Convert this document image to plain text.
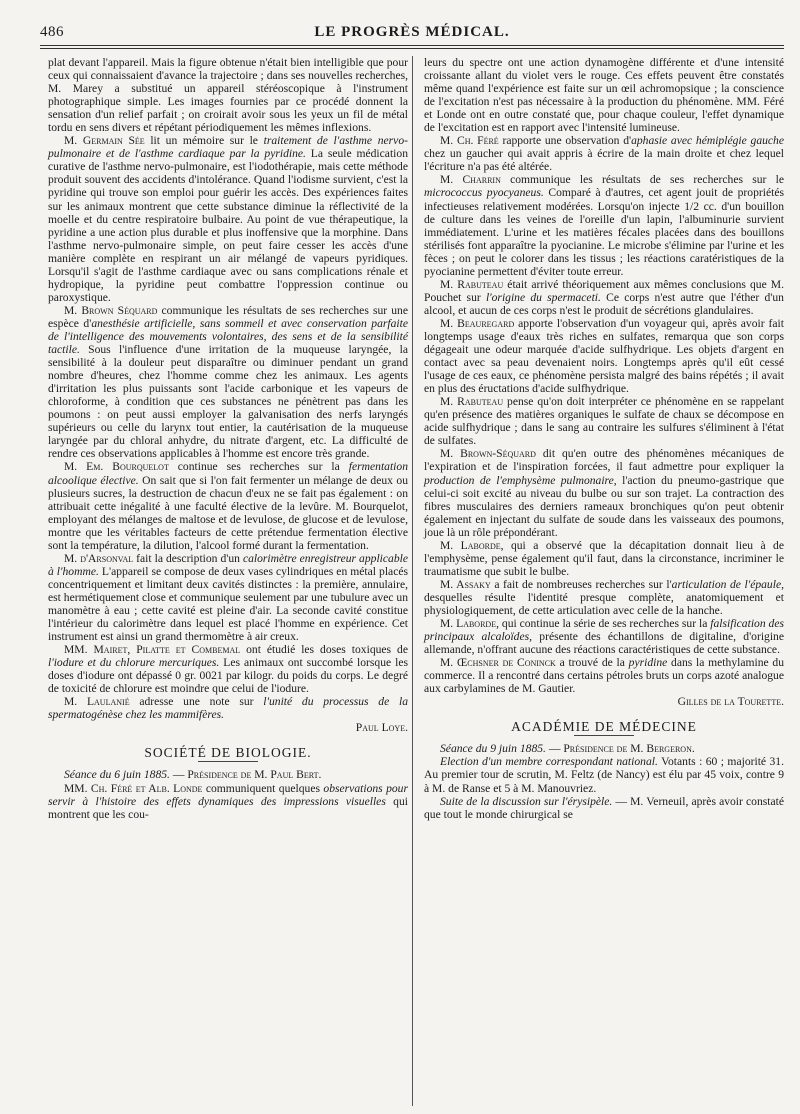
486	LE PROGRÈS MÉDICAL.

plat devant l'appareil. Mais la figure obtenue n'était bien intelligible que pour ceux qui connaissaient d'avance la trajectoire ; dans ses nouvelles recherches, M. Marey a substitué un appareil stéréoscopique à l'instrument photographique simple. Les images fournies par ce procédé donnent la sensation d'un relief parfait ; on croirait avoir sous les yeux un fil de métal tordu en sens divers et répétant périodiquement les mêmes inflexions.

M. Germain Sée lit un mémoire sur le traitement de l'asthme nervo-pulmonaire et de l'asthme cardiaque par la pyridine. La seule médication curative de l'asthme nervo-pulmonaire, est l'iodothérapie, mais cette méthode produit souvent des accidents d'intolérance. Quand l'iodisme survient, c'est la pyridine qui trouve son emploi pour guérir les accès. Des expériences faites sur les animaux montrent que cette substance diminue la réflectivité de la moelle et du centre respiratoire bulbaire. Au point de vue thérapeutique, la pyridine a une action plus durable et plus inoffensive que la morphine. Dans l'asthme nervo-pulmonaire simple, on peut faire cesser les accès d'une manière complète en respirant un air mélangé de vapeurs pyridiques. Lorsqu'il s'agit de l'asthme cardiaque avec ou sans complications rénale et hydropique, la pyridine peut combattre l'oppression continue ou paroxystique.

M. Brown Séquard communique les résultats de ses recherches sur une espèce d'anesthésie artificielle, sans sommeil et avec conservation parfaite de l'intelligence des mouvements volontaires, des sens et de la sensibilité tactile. Sous l'influence d'une irritation de la muqueuse laryngée, la sensibilité à la douleur peut disparaître ou diminuer pendant un grand nombre d'heures, chez l'homme comme chez les animaux. Les agents d'irritation les plus puissants sont l'acide carbonique et les vapeurs de chloroforme, à condition que ces substances ne pénètrent pas dans les poumons : on peut aussi employer la galvanisation des nerfs laryngés supérieurs ou celle du larynx tout entier, la cautérisation de la muqueuse laryngée par du chloral anhydre, du nitrate d'argent, etc. La difficulté de rendre ces observations applicables à l'homme est encore très grande.

M. Em. Bourquelot continue ses recherches sur la fermentation alcoolique élective. On sait que si l'on fait fermenter un mélange de deux ou plusieurs sucres, la destruction de chacun d'eux ne se fait pas également : on attribuait cette inégalité à une faculté élective de la levûre. M. Bourquelot, employant des mélanges de maltose et de levulose, de glucose et de levulose, montre que les véritables facteurs de cette prétendue fermentation élective sont la température, la dilution, l'alcool formé durant la fermentation.

M. d'Arsonval fait la description d'un calorimètre enregistreur applicable à l'homme. L'appareil se compose de deux vases cylindriques en métal placés concentriquement et limitant deux cavités distinctes : la première, annulaire, est hermétiquement close et communique seulement par une tubulure avec un manomètre à eau ; cette cavité est pleine d'air. La seconde cavité constitue l'intérieur du calorimètre dans lequel est placé l'homme en expérience. Cet instrument est ainsi un grand thermomètre à air creux.

MM. Mairet, Pilatte et Combemal ont étudié les doses toxiques de l'iodure et du chlorure mercuriques. Les animaux ont succombé lorsque les doses d'iodure ont dépassé 0 gr. 0021 par kilogr. du poids du corps. Le degré de toxicité de chlorure est moindre que celui de l'iodure.

M. Laulanié adresse une note sur l'unité du processus de la spermatogénèse chez les mammifères.
Paul Loye.

SOCIÉTÉ DE BIOLOGIE.

Séance du 6 juin 1885. — Présidence de M. Paul Bert.

MM. Ch. Féré et Alb. Londe communiquent quelques observations pour servir à l'histoire des effets dynamiques des impressions visuelles qui montrent que les cou-

leurs du spectre ont une action dynamogène différente et d'une intensité croissante allant du violet vers le rouge. Ces effets peuvent être constatés même quand l'expérience est faite sur un œil achromopsique ; la conscience de l'excitation n'est pas nécessaire à la production du phénomène. MM. Féré et Londe ont en outre constaté que, pour chaque couleur, l'effet dynamique de l'excitation est en rapport avec l'intensité lumineuse.

M. Ch. Féré rapporte une observation d'aphasie avec hémiplégie gauche chez un gaucher qui avait appris à écrire de la main droite et chez lequel l'écriture n'a pas été altérée.

M. Charrin communique les résultats de ses recherches sur le micrococcus pyocyaneus. Comparé à d'autres, cet agent jouit de propriétés infectieuses relativement modérées. Lorsqu'on injecte 1/2 cc. d'un bouillon de culture dans les veines de l'oreille d'un lapin, l'albuminurie survient immédiatement. L'urine et les matières fécales placées dans des bouillons stérilisés font apparaître la pyocianine. Le microbe s'élimine par l'urine et les fèces ; on peut le colorer dans les tissus ; les réactions caratéristiques de la pyocianine permettent d'éviter toute erreur.

M. Rabuteau était arrivé théoriquement aux mêmes conclusions que M. Pouchet sur l'origine du spermaceti. Ce corps n'est autre que l'éther d'un alcool, et aucun de ces corps n'est le produit de sécrétions glandulaires.

M. Beauregard apporte l'observation d'un voyageur qui, après avoir fait longtemps usage d'eaux très riches en sulfates, remarqua que son corps dégageait une odeur marquée d'acide sulfhydrique. Les objets d'argent en contact avec sa peau devenaient noirs. Longtemps après qu'il eût cessé l'usage de ces eaux, ce phénomène persista malgré des bains répétés ; il avait en plus des éructations d'acide sulfhydrique.

M. Rabuteau pense qu'on doit interpréter ce phénomène en se rappelant qu'en présence des matières organiques le sulfate de chaux se décompose en acide sulfhydrique ; dans le sang au contraire les sulfures s'éliminent à l'état de sulfates.

M. Brown-Séquard dit qu'en outre des phénomènes mécaniques de l'expiration et de l'inspiration forcées, il faut admettre pour expliquer la production de l'emphysème pulmonaire, l'action du pneumo-gastrique que celui-ci soit excité au niveau du bulbe ou sur son trajet. La contraction des fibres musculaires des derniers rameaux bronchiques qu'on peut obtenir également en injectant du sulfate de soude dans les vaisseaux des poumons, joue là un rôle prépondérant.

M. Laborde, qui a observé que la décapitation donnait lieu à de l'emphysème, pense également qu'il faut, dans la circonstance, incriminer le traumatisme que subit le bulbe.

M. Assaky a fait de nombreuses recherches sur l'articulation de l'épaule, desquelles résulte l'identité presque complète, anatomiquement et physiologiquement, de cette articulation avec celle de la hanche.

M. Laborde, qui continue la série de ses recherches sur la falsification des principaux alcaloïdes, présente des échantillons de digitaline, d'origine allemande, n'offrant aucune des réactions caractéristiques de cette substance.

M. Œchsner de Coninck a trouvé de la pyridine dans la methylamine du commerce. Il a rencontré dans certains pétroles bruts un corps azoté analogue aux carbylamines de M. Gautier.
Gilles de la Tourette.

ACADÉMIE DE MÉDECINE

Séance du 9 juin 1885. — Présidence de M. Bergeron.

Election d'un membre correspondant national. Votants : 60 ; majorité 31. Au premier tour de scrutin, M. Feltz (de Nancy) est élu par 45 voix, contre 9 à M. de Ranse et 5 à M. Manouvriez.

Suite de la discussion sur l'érysipèle. — M. Verneuil, après avoir constaté que tout le monde chirurgical se
